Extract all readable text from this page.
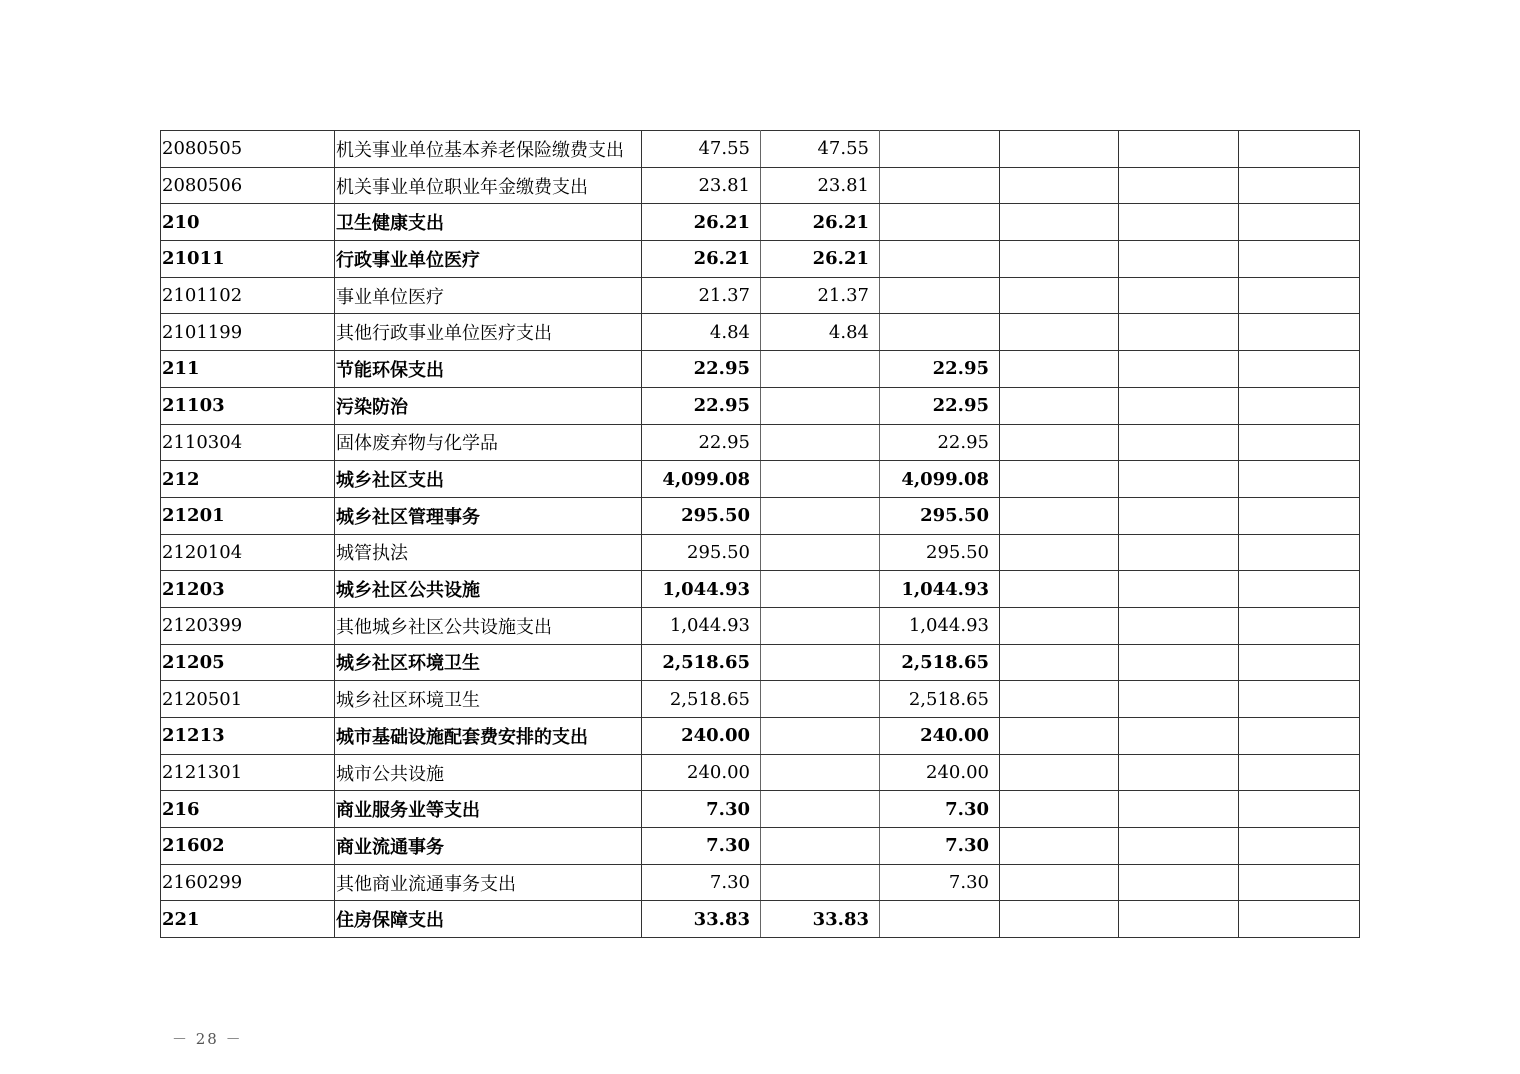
2080505	机关事业单位基本养老保险缴费支出	47.55	47.55				
2080506	机关事业单位职业年金缴费支出	23.81	23.81				
210	卫生健康支出	26.21	26.21				
21011	行政事业单位医疗	26.21	26.21				
2101102	事业单位医疗	21.37	21.37				
2101199	其他行政事业单位医疗支出	4.84	4.84				
211	节能环保支出	22.95		22.95			
21103	污染防治	22.95		22.95			
2110304	固体废弃物与化学品	22.95		22.95			
212	城乡社区支出	4,099.08		4,099.08			
21201	城乡社区管理事务	295.50		295.50			
2120104	城管执法	295.50		295.50			
21203	城乡社区公共设施	1,044.93		1,044.93			
2120399	其他城乡社区公共设施支出	1,044.93		1,044.93			
21205	城乡社区环境卫生	2,518.65		2,518.65			
2120501	城乡社区环境卫生	2,518.65		2,518.65			
21213	城市基础设施配套费安排的支出	240.00		240.00			
2121301	城市公共设施	240.00		240.00			
216	商业服务业等支出	7.30		7.30			
21602	商业流通事务	7.30		7.30			
2160299	其他商业流通事务支出	7.30		7.30			
221	住房保障支出	33.83	33.83				
－ 28 －
